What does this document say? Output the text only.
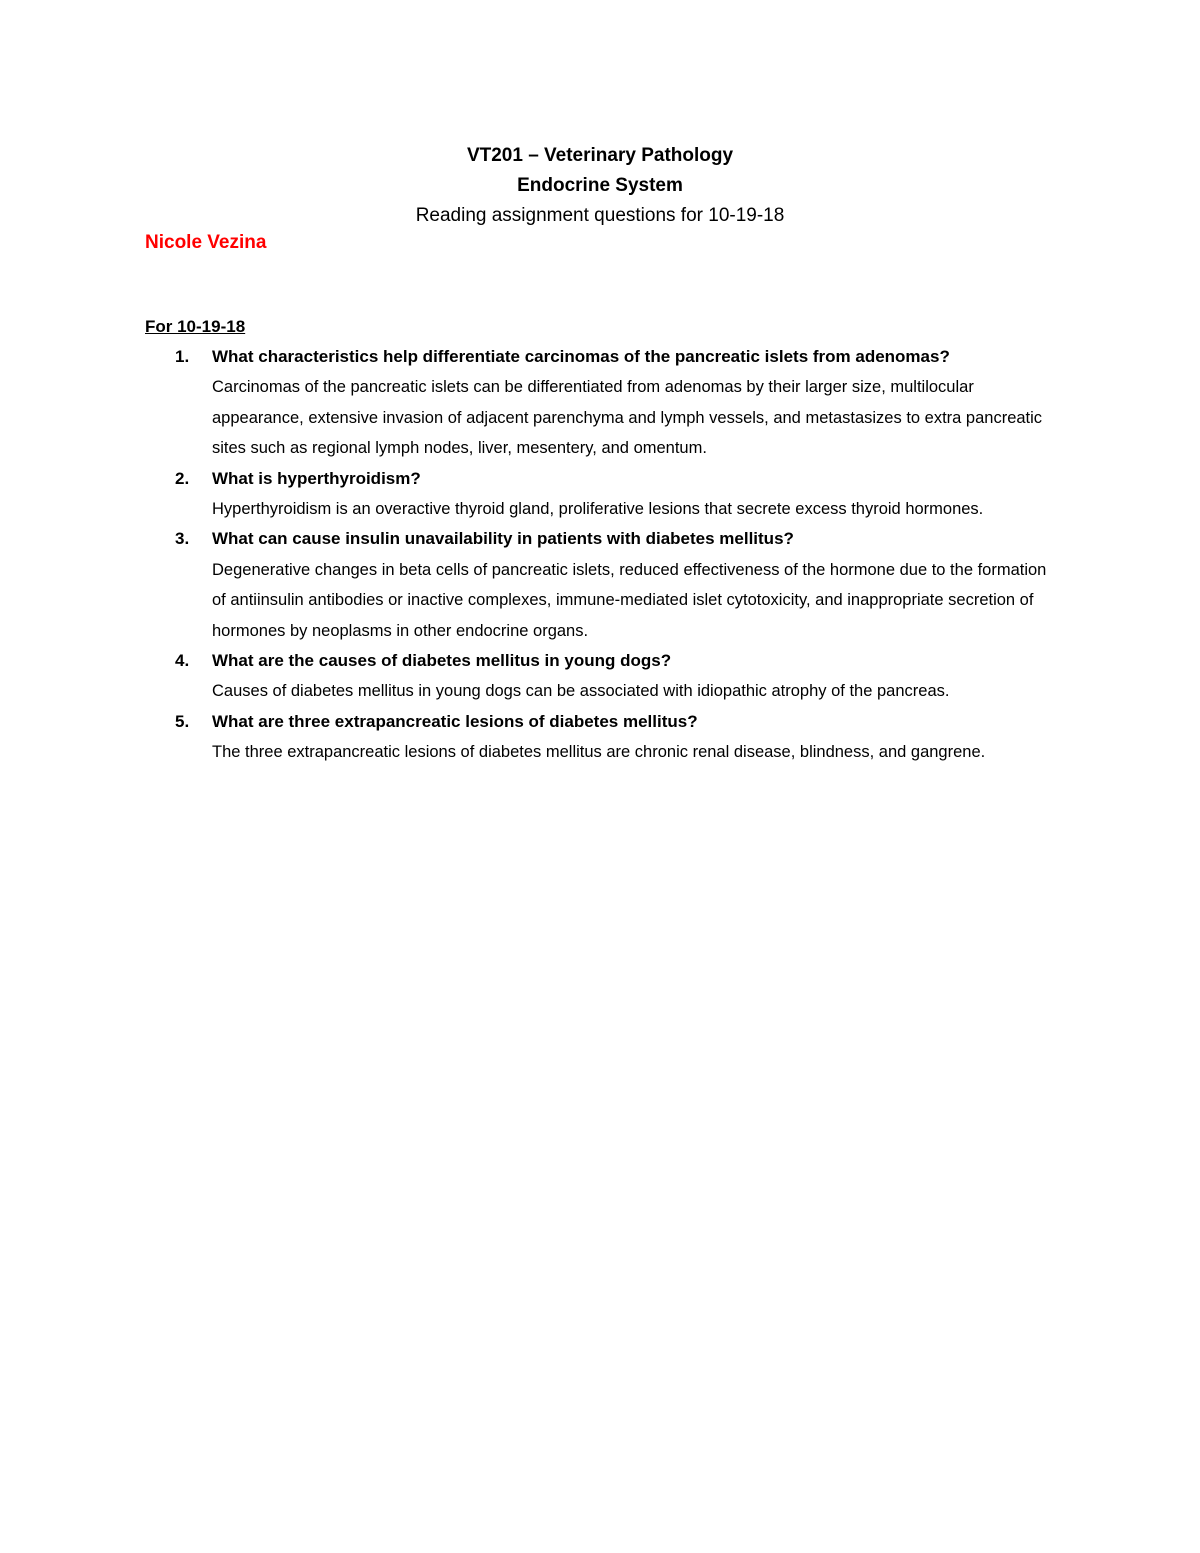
VT201 – Veterinary Pathology
Endocrine System
Reading assignment questions for 10-19-18
Nicole Vezina
For 10-19-18
1. What characteristics help differentiate carcinomas of the pancreatic islets from adenomas?
Carcinomas of the pancreatic islets can be differentiated from adenomas by their larger size, multilocular appearance, extensive invasion of adjacent parenchyma and lymph vessels, and metastasizes to extra pancreatic sites such as regional lymph nodes, liver, mesentery, and omentum.
2. What is hyperthyroidism?
Hyperthyroidism is an overactive thyroid gland, proliferative lesions that secrete excess thyroid hormones.
3. What can cause insulin unavailability in patients with diabetes mellitus?
Degenerative changes in beta cells of pancreatic islets, reduced effectiveness of the hormone due to the formation of antiinsulin antibodies or inactive complexes, immune-mediated islet cytotoxicity, and inappropriate secretion of hormones by neoplasms in other endocrine organs.
4. What are the causes of diabetes mellitus in young dogs?
Causes of diabetes mellitus in young dogs can be associated with idiopathic atrophy of the pancreas.
5. What are three extrapancreatic lesions of diabetes mellitus?
The three extrapancreatic lesions of diabetes mellitus are chronic renal disease, blindness, and gangrene.
